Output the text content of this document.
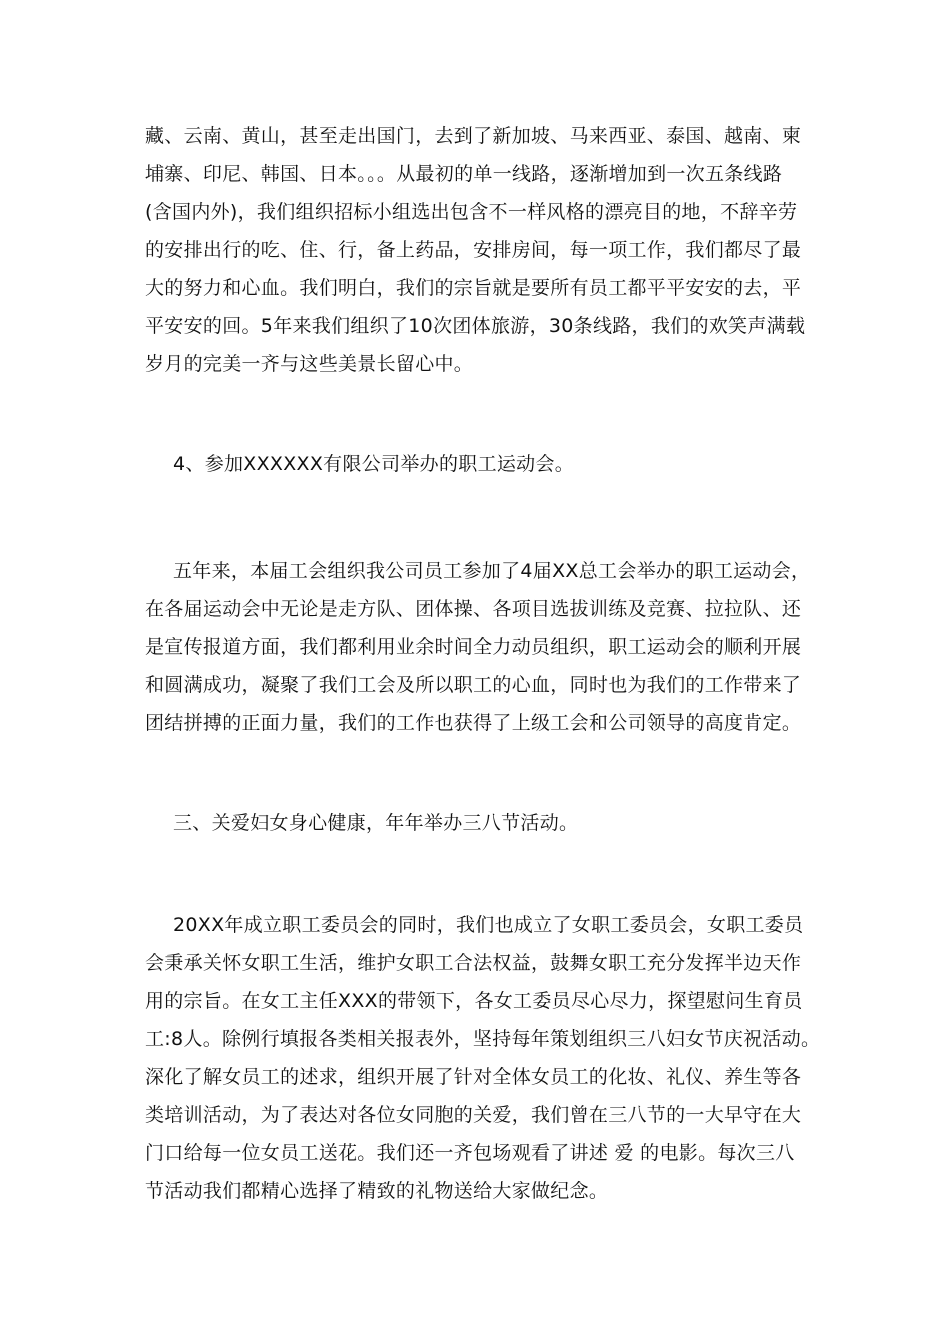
藏、云南、黄山，甚至走出国门，去到了新加坡、马来西亚、泰国、越南、柬
埔寨、印尼、韩国、日本。。。从最初的单一线路，逐渐增加到一次五条线路
(含国内外)，我们组织招标小组选出包含不一样风格的漂亮目的地，不辞辛劳
的安排出行的吃、住、行，备上药品，安排房间，每一项工作，我们都尽了最
大的努力和心血。我们明白，我们的宗旨就是要所有员工都平平安安的去，平
平安安的回。5年来我们组织了10次团体旅游，30条线路，我们的欢笑声满载
岁月的完美一齐与这些美景长留心中。
4、参加XXXXXX有限公司举办的职工运动会。
五年来，本届工会组织我公司员工参加了4届XX总工会举办的职工运动会，
在各届运动会中无论是走方队、团体操、各项目选拔训练及竞赛、拉拉队、还
是宣传报道方面，我们都利用业余时间全力动员组织，职工运动会的顺利开展
和圆满成功，凝聚了我们工会及所以职工的心血，同时也为我们的工作带来了
团结拼搏的正面力量，我们的工作也获得了上级工会和公司领导的高度肯定。
三、关爱妇女身心健康，年年举办三八节活动。
20XX年成立职工委员会的同时，我们也成立了女职工委员会，女职工委员
会秉承关怀女职工生活，维护女职工合法权益，鼓舞女职工充分发挥半边天作
用的宗旨。在女工主任XXX的带领下，各女工委员尽心尽力，探望慰问生育员
工:8人。除例行填报各类相关报表外，坚持每年策划组织三八妇女节庆祝活动。
深化了解女员工的述求，组织开展了针对全体女员工的化妆、礼仪、养生等各
类培训活动，为了表达对各位女同胞的关爱，我们曾在三八节的一大早守在大
门口给每一位女员工送花。我们还一齐包场观看了讲述 爱 的电影。每次三八
节活动我们都精心选择了精致的礼物送给大家做纪念。
